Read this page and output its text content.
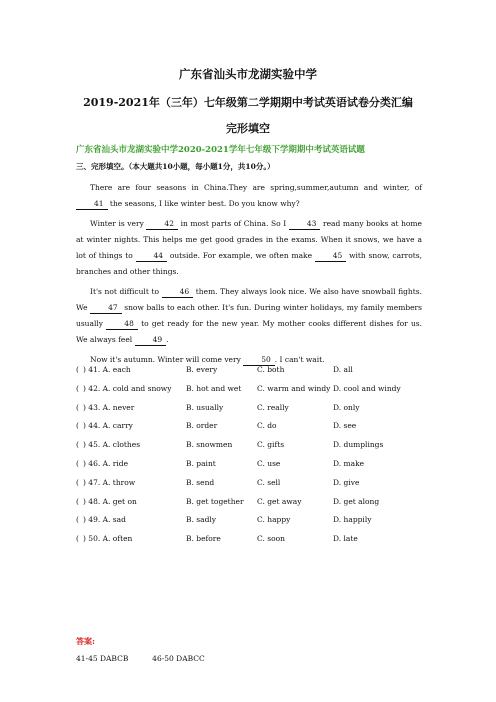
广东省汕头市龙湖实验中学
2019-2021年（三年）七年级第二学期期中考试英语试卷分类汇编
完形填空
广东省汕头市龙湖实验中学2020-2021学年七年级下学期期中考试英语试题
三、完形填空。（本大题共10小题，每小题1分，共10分。）

There are four seasons in China.They are spring,summer,autumn and winter, of 41 the seasons, I like winter best. Do you know why?

Winter is very 42 in most parts of China. So I 43 read many books at home at winter nights. This helps me get good grades in the exams. When it snows, we have a lot of things to 44 outside. For example, we often make 45 with snow, carrots, branches and other things.

It's not difficult to 46 them. They always look nice. We also have snowball fights. We 47 snow balls to each other. It's fun. During winter holidays, my family members usually 48 to get ready for the new year. My mother cooks different dishes for us. We always feel 49 .

Now it's autumn. Winter will come very 50 . I can't wait.

( ) 41. A. each	B. every	C. both	D. all
( ) 42. A. cold and snowy B. hot and wet C. warm and windy D. cool and windy
( ) 43. A. never	B. usually	C. really	D. only
( ) 44. A. carry	B. order	C. do	D. see
( ) 45. A. clothes	B. snowmen	C. gifts	D. dumplings
( ) 46. A. ride	B. paint	C. use	D. make
( ) 47. A. throw	B. send	C. sell	D. give
( ) 48. A. get on	B. get together C. get away	D. get along
( ) 49. A. sad	B. sadly	C. happy	D. happily
( ) 50. A. often	B. before	C. soon	D. late
答案:
41-45 DABCB          46-50 DABCC
